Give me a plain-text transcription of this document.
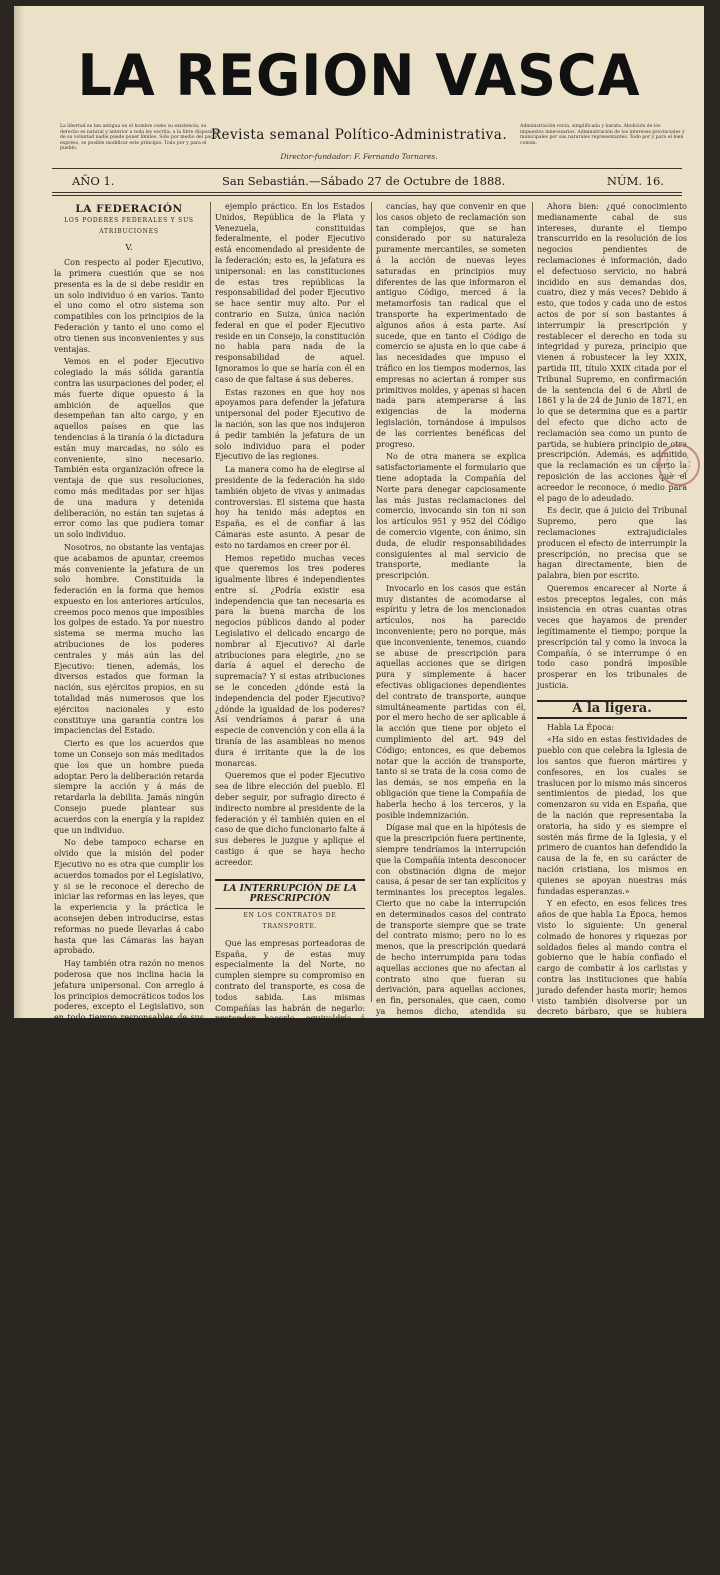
LA REGION VASCA
La libertad es tan antigua en el hombre como su existencia; su derecho es natural y anterior a toda ley escrita; a la libre disposición de su voluntad nadie puede poner límites. Sólo por medio del pacto expreso, es posible modificar este principio. Todo por y para el pueblo.
Revista semanal Político-Administrativa.
Director-fundador: F. Fernando Tornares.
Administración recta, simplificada y barata. Abolición de los impuestos innecesarios. Administración de los intereses provinciales y municipales por sus naturales representantes. Todo por y para el bien común.
AÑO 1.	San Sebastián.—Sábado 27 de Octubre de 1888.	NÚM. 16.

LA FEDERACIÓN

LOS PODERES FEDERALES Y SUS ATRIBUCIONES

V.

Con respecto al poder Ejecutivo, la primera cuestión que se nos presenta es la de si debe residir en un solo individuo ó en varios. Tanto el uno como el otro sistema son compatibles con los principios de la Federación y tanto el uno como el otro tienen sus inconvenientes y sus ventajas.

Vemos en el poder Ejecutivo colegiado la más sólida garantía contra las usurpaciones del poder, el más fuerte dique opuesto á la ambición de aquellos que desempeñan tan alto cargo, y en aquellos países en que las tendencias á la tiranía ó la dictadura están muy marcadas, no sólo es conveniente, sino necesario. También esta organización ofrece la ventaja de que sus resoluciones, como más meditadas por ser hijas de una madura y detenida deliberación, no están tan sujetas á error como las que pudiera tomar un solo individuo.

Nosotros, no obstante las ventajas que acabamos de apuntar, creemos más conveniente la jefatura de un solo hombre. Constituida la federación en la forma que hemos expuesto en los anteriores artículos, creemos poco menos que imposibles los golpes de estado. Ya por nuestro sistema se merma mucho las atribuciones de los poderes centrales y más aún las del Ejecutivo: tienen, además, los diversos estados que forman la nación, sus ejércitos propios, en su totalidad más numerosos que los ejércitos nacionales y esto constituye una garantía contra los impaciencias del Estado.

Cierto es que los acuerdos que tome un Consejo son más meditados que los que un hombre pueda adoptar. Pero la deliberación retarda siempre la acción y á más de retardarla la debilita. Jamás ningún Consejo puede plantear sus acuerdos con la energía y la rapidez que un individuo.

No debe tampoco echarse en olvido que la misión del poder Ejecutivo no es otra que cumplir los acuerdos tomados por el Legislativo, y si se le reconoce el derecho de iniciar las reformas en las leyes, que la experiencia y la práctica le aconsejen deben introducirse, estas reformas no puede llevarlas á cabo hasta que las Cámaras las hayan aprobado.

Hay también otra razón no menos poderosa que nos inclina hacia la jefatura unipersonal. Con arreglo á los principios democráticos todos los poderes, excepto el Legislativo, son en todo tiempo responsables de sus actos y se hallan sujetos á la sanción penal. Si el poder Ejecutivo residiera en un Consejo, ya fuese más ó menos numeroso, ¿podría exigirse á todos y cada uno de los individuos que le formaran estricta responsabilidad de sus actos? ¿Cómo habría de hacerse responsable á un hombre de los acuerdos tomados por una mayoría y que tal vez combatió en el seno del Consejo? De admitir el poder Ejecutivo colectivo habría que declararle irresponsable y esto es contrario á nuestros principios.

Da más fuerza ánuestras convicciones referentes á este punto, el siguiente

ejemplo práctico. En los Estados Unidos, República de la Plata y Venezuela, constituidas federalmente, el poder Ejecutivo está encomendado al presidente de la federación; esto es, la jefatura es unipersonal: en las constituciones de estas tres repúblicas la responsabilidad del poder Ejecutivo se hace sentir muy alto. Por el contrario en Suiza, única nación federal en que el poder Ejecutivo reside en un Consejo, la constitución no habla para nada de la responsabilidad de aquel. Ignoramos lo que se haría con él en caso de que faltase á sus deberes.

Estas razones en que hoy nos apoyamos para defender la jefatura unipersonal del poder Ejecutivo de la nación, son las que nos indujeron á pedir también la jefatura de un solo individuo para el poder Ejecutivo de las regiones.

La manera como ha de elegirse al presidente de la federación ha sido también objeto de vivas y animadas controversias. El sistema que hasta hoy ha tenido más adeptos en España, es el de confiar á las Cámaras este asunto. A pesar de esto no tardamos en creer por él.

Hemos repetido muchas veces que queremos los tres poderes igualmente libres é independientes entre sí. ¿Podría existir esa independencia que tan necesaria es para la buena marcha de los negocios públicos dando al poder Legislativo el delicado encargo de nombrar al Ejecutivo? Al darle atribuciones para elegirle, ¿no se daría á aquel el derecho de supremacía? Y si estas atribuciones se le conceden ¿dónde está la independencia del poder Ejecutivo? ¿dónde la igualdad de los poderes? Así vendríamos á parar á una especie de convención y con ella á la tiranía de las asambleas no menos dura é irritante que la de los monarcas.

Queremos que el poder Ejecutivo sea de libre elección del pueblo. El deber seguir, por sufragio directo é indirecto nombre al presidente de la federación y él también quien en el caso de que dicho funcionario falte á sus deberes le juzgue y aplique el castigo á que se haya hecho acreedor.

LA INTERRUPCIÓN DE LA PRESCRIPCIÓN

EN LOS CONTRATOS DE TRANSPORTE.

Que las empresas porteadoras de España, y de estas muy especialmente la del Norte, no cumplen siempre su compromiso en contrato del transporte, es cosa de todos sabida. Las mismas Compañías las habrán de negarlo: pretender hacerlo, equivaldría á negar la existencia del Servicio de reclamaciones que tienen establecido. Pero lo que todos no saben, es que dichas Compañías no se dan un punto de reposo más positivo para exigir á los públicos.

Si en un principio se creyó indispensable la creación de este centro por el número inmenso de reclamaciones y por la simplificación que podría reportar, hoy, ante la multiplicidad de los cobros de los intereses derivados de las vías férreas, en vista de los crecientes necesidades del comercio, que tan extraordinariamente han aumentado los transportes de mer-

cancías, hay que convenir en que los casos objeto de reclamación son tan complejos, que se han considerado por su naturaleza puramente mercantiles, se someten á la acción de nuevas leyes saturadas en principios muy diferentes de las que informaron el antiguo Código, merced á la metamorfosis tan radical que el transporte ha experimentado de algunos años á esta parte. Así sucede, que en tanto el Código de comercio se ajusta en lo que cabe á las necesidades que impuso el tráfico en los tiempos modernos, las empresas no aciertan á romper sus primitivos moldes, y apenas si hacen nada para atemperarse á las exigencias de la moderna legislación, tornándose á impulsos de las corrientes benéficas del progreso.

No de otra manera se explica satisfactoriamente el formulario que tiene adoptada la Compañía del Norte para denegar capciosamente las más justas reclamaciones del comercio, invocando sin ton ni son los artículos 951 y 952 del Código de comercio vigente, con ánimo, sin duda, de eludir responsabilidades consiguientes al mal servicio de transporte, mediante la prescripción.

Invocarlo en los casos que están muy distantes de acomodarse al espíritu y letra de los mencionados artículos, nos ha parecido inconveniente; pero no porque, más que inconveniente, tenemos, cuando se abuse de prescripción para aquellas acciones que se dirigen pura y simplemente á hacer efectivas obligaciones dependientes del contrato de transporte, aunque simultáneamente partidas con él, por el mero hecho de ser aplicable á la acción que tiene por objeto el cumplimiento del art. 949 del Código; entonces, es que debemos notar que la acción de transporte, tanto si se trata de la cosa como de las demás, se nos empeña en la obligación que tiene la Compañía de haberla hecho á los terceros, y la posible indemnización.

Dígase mal que en la hipótesis de que la prescripción fuera pertinente, siempre tendríamos la interrupción que la Compañía intenta desconocer con obstinación digna de mejor causa, á pesar de ser tan explícitos y terminantes los preceptos legales. Cierto que no cabe la interrupción en determinados casos del contrato de transporte siempre que se trate del contrato mismo; pero no lo es menos, que la prescripción quedará de hecho interrumpida para todas aquellas acciones que no afectan al contrato sino que fueran su derivación, para aquellas acciones, en fin, personales, que caen, como ya hemos dicho, atendida su naturaleza, bajo las disposiciones del derecho común en consonancia á lo dispuesto en la ley V, título VIII, libro XI de la novísima recopilación. Y no podía ser otra cosa, dado el amplio criterio y los principios equitativos que informan la legislación sobre este punto concreto, cuando se presume y se presume muy bien, que el señalamiento de los plazos en la prescripción, supone necesariamente en la persona que, dentro de ellos, debe de realizar alguna formalidad judicial ó extrajudicial, la posibilidad material de obrar; pues existiendo el otro tanto: la reclamación administrativa, que precede la prescripción pierde la potestad de que pueda en ningún caso procederse en fundamento de la pérdida de los mismos derechos por prescripción.

De modo que todo género de derechos por diferencia de portes, cantidades convenidas á pagar por anticipaciones habidas en las mercancías, y todas cuantas acciones, en una palabra, estén perfectamente desligadas del contrato de transporte, sobre que no pueden prescribir, si prescribieron, habrá de imponerse necesariamente la interrupción en el momento de que se trate de reclamar el plazo prevenido, la doctrina está reclamando ya previamente por la vía judicial, sino extrajudicialmente. La doctrina sentada por el Tribunal Supremo acerca de este punto que tanto interesa al comercio, es, que la prescripción queda, desde luego, interrumpida por las acciones de que hacemos mérito, por las reclamaciones directas aunque extrajudiciales del acreedor al deudor; así como por todo reconocimiento expreso ó tácito que el deudor haga del derecho del acreedor. (Sentencia del 14 de julio de 1871).

Ahora bien: ¿qué conocimiento medianamente cabal de sus intereses, durante el tiempo transcurrido en la resolución de los negocios pendientes de reclamaciones é información, dado el defectuoso servicio, no habrá incidido en sus demandas dos, cuatro, diez y más veces? Debido á esto, que todos y cada uno de estos actos de por sí son bastantes á interrumpir la prescripción y restablecer el derecho en toda su integridad y pureza, principio que vienen á robustecer la ley XXIX, partida III, título XXIX citada por el Tribunal Supremo, en confirmación de la sentencia del 6 de Abril de 1861 y la de 24 de Junio de 1871, en lo que se determina que es a partir del efecto que dicho acto de reclamación sea como un punto de partida, se hubiera principio de otra prescripción. Además, es admitido que la reclamación es un cierto la reposición de las acciones que el acreedor le reconoce, ó medio para el pago de lo adeudado.

Es decir, que á juicio del Tribunal Supremo, pero que las reclamaciones extrajudiciales producen el efecto de interrumpir la prescripción, no precisa que se hagan directamente, bien de palabra, bien por escrito.

Queremos encarecer al Norte á estos preceptos legales, con más insistencia en otras cuantas otras veces que hayamos de prender legítimamente el tiempo; porque la prescripción tal y como la invoca la Compañía, ó se interrumpe ó en todo caso pondrá imposible prosperar en los tribunales de justicia.

A la ligera.

Habla La Época:

«Ha sido en estas festividades de pueblo con que celebra la Iglesia de los santos que fueron mártires y confesores, en los cuales se traslucen por lo mismo más sinceros sentimientos de piedad, los que comenzaron su vida en España, que de la nación que representaba la oratoria, ha sido y es siempre el sostén más firme de la Iglesia, y el primero de cuantos han defendido la causa de la fe, en su carácter de nación cristiana, los mismos en quienes se apoyan nuestras más fundadas esperanzas.»

Y en efecto, en esos felices tres años de que habla La Época, hemos visto lo siguiente: Un general colmado de honores y riquezas por soldados fieles al mando contra el gobierno que le había confiado el cargo de combatir á los carlistas y contra las instituciones que había jurado defender hasta morir; hemos visto también disolverse por un decreto bárbaro, que se hubiera negado á sancionar con su firma el sultán de marruecos, infinidad de familias constituidas al abrigo de la ley; hemos visto profanadas las aulas de la Universidad y acuchillados los estudiantes por el delito de defender á sus profesores; hemos visto cómo la soldadesca amotinada en Madrid, Badajoz y Burgos á indefensos ciudadanos; hemos visto á una nación amiga apoderarse, con el beneplácito de nuestros gobiernos, de unas islas que nos pertenecían; hemos visto al rey de España silbado en las calles de París por las torpezas de nuestros gobernantes; hemos visto encarcelados y desterrados muchos honrados ciudadanos, mientras vivían entre el lujo y la opulencia los defraudadores del Estado y los que por ese del mal derecho vendían á un periódico sus secretos de un convenio nuestro con los Estados Unidos; hemos visto arruinarse la agricultura, la industria y el comercio por la pésima administración de nuestros gobiernos; hemos visto y vemos á miles de nuestros hermanos emigrar á lejanos países por serles imposible vivir en España; hemos visto y vemos las leyes pisoteadas, la inmoralidad triunfante, los criminales libres, los hombres honrados postergados; España despoblada de escuelas y plagada de conventos; y hemos visto tantas cosas más que sería tarea larguísima enumerarlas.

Esto es lo que España tiene que agradecer al hombre silbado en Zaragoza y aborrecido por toda la nación. Afortunadamente todas esas cosas y las instituciones que las hacen posibles, pasarán para no volver más, como ya ha pasado el Sr. Cánovas y los que le siguen.

Granitos de arena.

Nuestro querido colega de Zamora, La
